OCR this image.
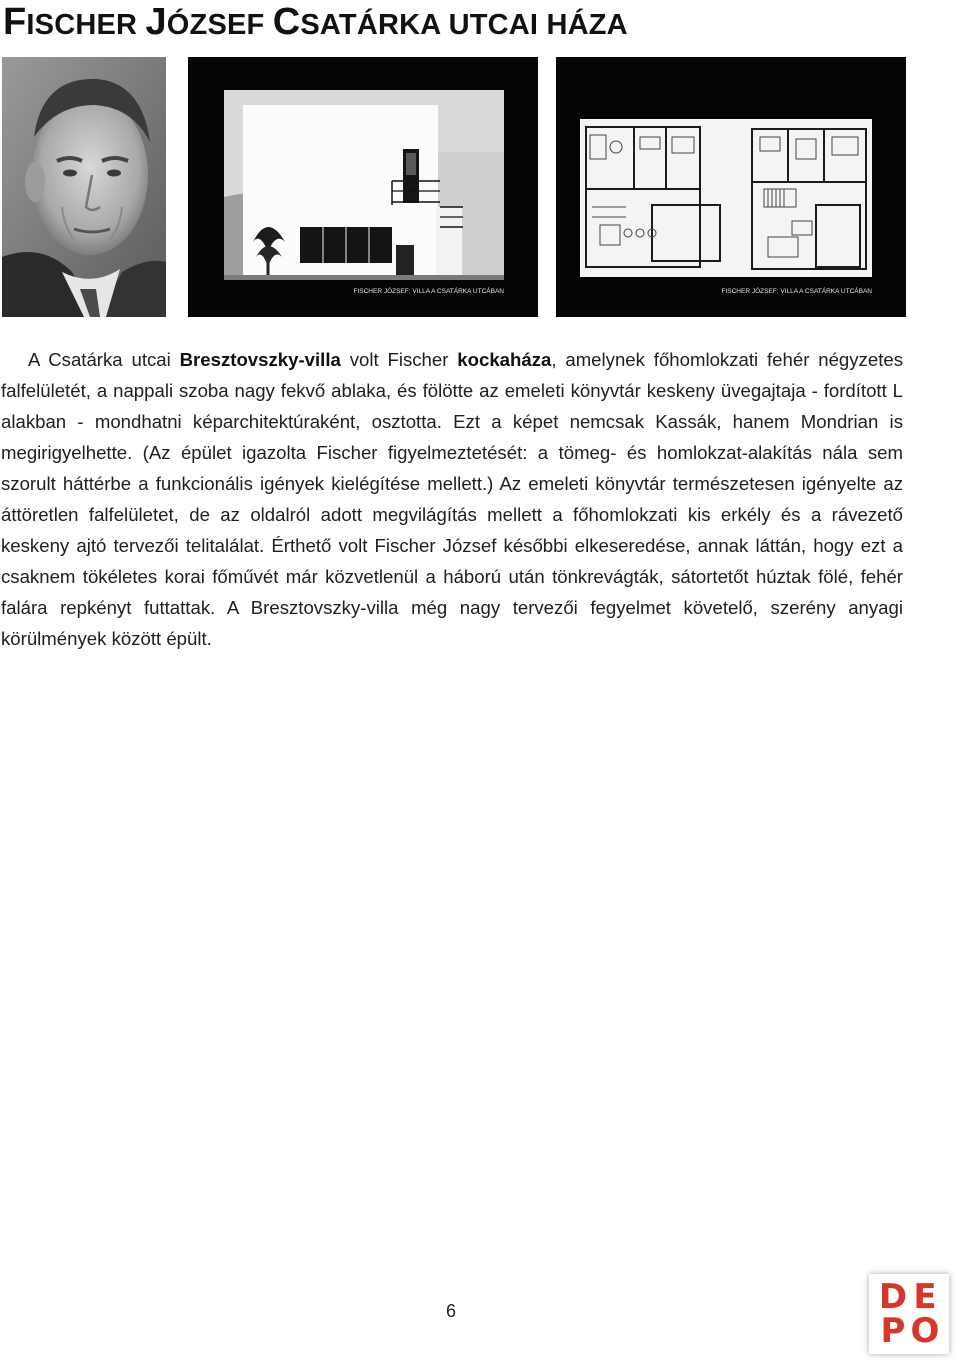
FISCHER JÓZSEF CSATÁRKA UTCAI HÁZA
FISCHER JÓZSEF: VILLA A CSATÁRKA UTCÁBAN	FISCHER JÓZSEF: VILLA A CSATÁRKA UTCÁBAN

A Csatárka utcai Bresztovszky-villa volt Fischer kockaháza, amelynek főhomlokzati fehér négyzetes falfelületét, a nappali szoba nagy fekvő ablaka, és fölötte az emeleti könyvtár keskeny üvegajtaja - fordított L alakban - mondhatni képarchitektúraként, osztotta. Ezt a képet nemcsak Kassák, hanem Mondrian is megirigyelhette. (Az épület igazolta Fischer figyelmeztetését: a tömeg- és homlokzat-alakítás nála sem szorult háttérbe a funkcionális igények kielégítése mellett.) Az emeleti könyvtár természetesen igényelte az áttöretlen falfelületet, de az oldalról adott megvilágítás mellett a főhomlokzati kis erkély és a rávezető keskeny ajtó tervezői telitalálat. Érthető volt Fischer József későbbi elkeseredése, annak láttán, hogy ezt a csaknem tökéletes korai főművét már közvetlenül a háború után tönkrevágták, sátortetőt húztak fölé, fehér falára repkényt futtattak. A Bresztovszky-villa még nagy tervezői fegyelmet követelő, szerény anyagi körülmények között épült.

6	D E
P O
